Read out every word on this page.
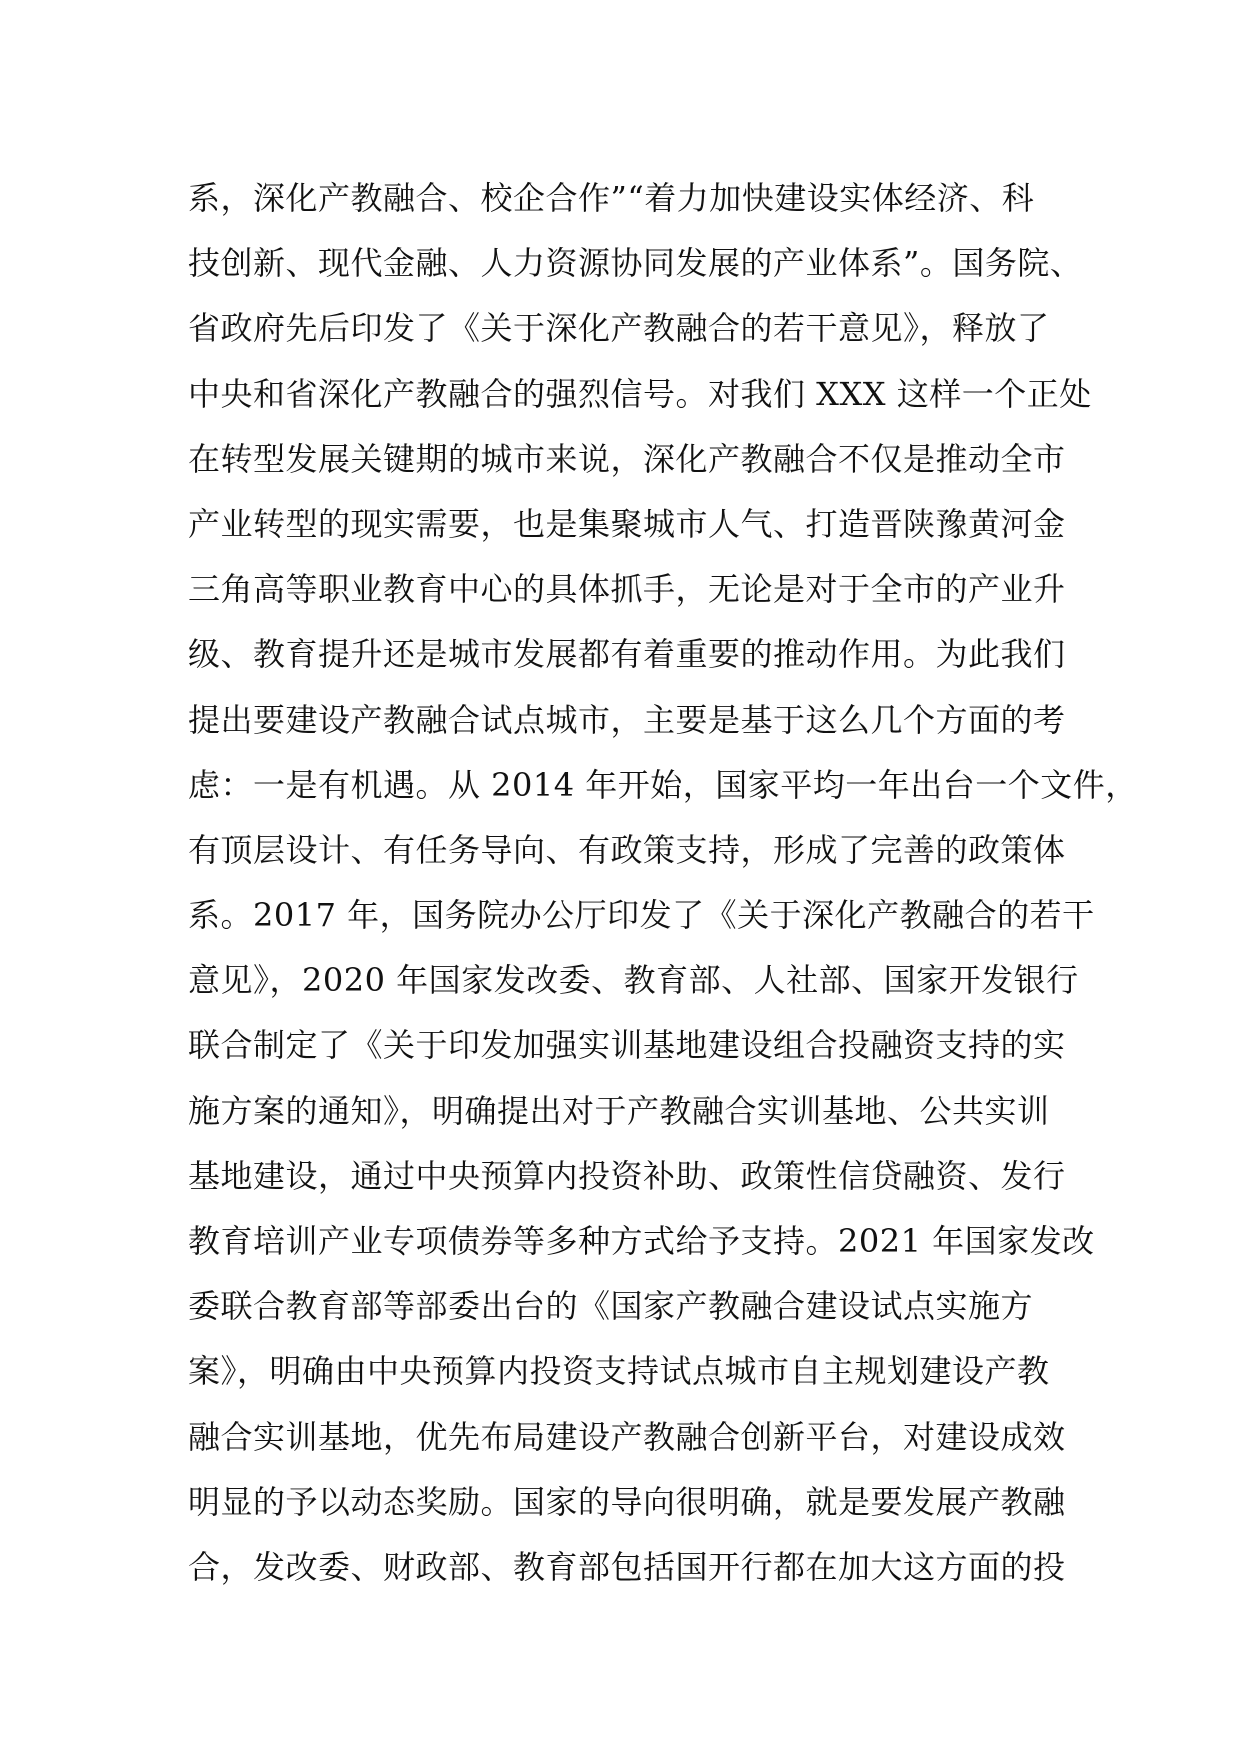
系，深化产教融合、校企合作”“着力加快建设实体经济、科
技创新、现代金融、人力资源协同发展的产业体系”。国务院、
省政府先后印发了《关于深化产教融合的若干意见》，释放了
中央和省深化产教融合的强烈信号。对我们 XXX 这样一个正处
在转型发展关键期的城市来说，深化产教融合不仅是推动全市
产业转型的现实需要，也是集聚城市人气、打造晋陕豫黄河金
三角高等职业教育中心的具体抓手，无论是对于全市的产业升
级、教育提升还是城市发展都有着重要的推动作用。为此我们
提出要建设产教融合试点城市，主要是基于这么几个方面的考
虑：一是有机遇。从 2014 年开始，国家平均一年出台一个文件，
有顶层设计、有任务导向、有政策支持，形成了完善的政策体
系。2017 年，国务院办公厅印发了《关于深化产教融合的若干
意见》，2020 年国家发改委、教育部、人社部、国家开发银行
联合制定了《关于印发加强实训基地建设组合投融资支持的实
施方案的通知》，明确提出对于产教融合实训基地、公共实训
基地建设，通过中央预算内投资补助、政策性信贷融资、发行
教育培训产业专项债券等多种方式给予支持。2021 年国家发改
委联合教育部等部委出台的《国家产教融合建设试点实施方
案》，明确由中央预算内投资支持试点城市自主规划建设产教
融合实训基地，优先布局建设产教融合创新平台，对建设成效
明显的予以动态奖励。国家的导向很明确，就是要发展产教融
合，发改委、财政部、教育部包括国开行都在加大这方面的投
